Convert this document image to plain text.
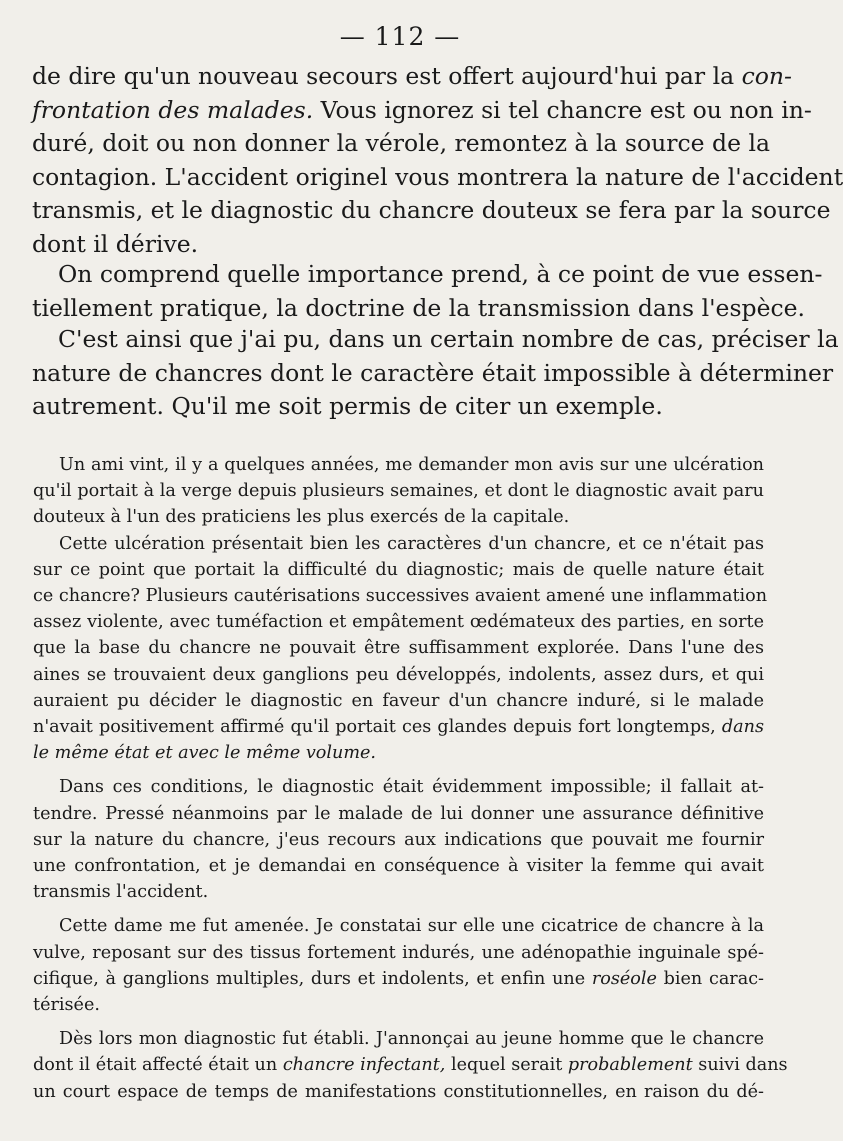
— 112 —
de dire qu'un nouveau secours est offert aujourd'hui par la con-
frontation des malades. Vous ignorez si tel chancre est ou non in-
duré, doit ou non donner la vérole, remontez à la source de la
contagion. L'accident originel vous montrera la nature de l'accident
transmis, et le diagnostic du chancre douteux se fera par la source
dont il dérive.
On comprend quelle importance prend, à ce point de vue essen-
tiellement pratique, la doctrine de la transmission dans l'espèce.
C'est ainsi que j'ai pu, dans un certain nombre de cas, préciser la
nature de chancres dont le caractère était impossible à déterminer
autrement. Qu'il me soit permis de citer un exemple.
Un ami vint, il y a quelques années, me demander mon avis sur une ulcération
qu'il portait à la verge depuis plusieurs semaines, et dont le diagnostic avait paru
douteux à l'un des praticiens les plus exercés de la capitale.
Cette ulcération présentait bien les caractères d'un chancre, et ce n'était pas
sur ce point que portait la difficulté du diagnostic; mais de quelle nature était
ce chancre? Plusieurs cautérisations successives avaient amené une inflammation
assez violente, avec tuméfaction et empâtement œdémateux des parties, en sorte
que la base du chancre ne pouvait être suffisamment explorée. Dans l'une des
aines se trouvaient deux ganglions peu développés, indolents, assez durs, et qui
auraient pu décider le diagnostic en faveur d'un chancre induré, si le malade
n'avait positivement affirmé qu'il portait ces glandes depuis fort longtemps, dans
le même état et avec le même volume.
Dans ces conditions, le diagnostic était évidemment impossible; il fallait at-
tendre. Pressé néanmoins par le malade de lui donner une assurance définitive
sur la nature du chancre, j'eus recours aux indications que pouvait me fournir
une confrontation, et je demandai en conséquence à visiter la femme qui avait
transmis l'accident.
Cette dame me fut amenée. Je constatai sur elle une cicatrice de chancre à la
vulve, reposant sur des tissus fortement indurés, une adénopathie inguinale spé-
cifique, à ganglions multiples, durs et indolents, et enfin une roséole bien carac-
térisée.
Dès lors mon diagnostic fut établi. J'annonçai au jeune homme que le chancre
dont il était affecté était un chancre infectant, lequel serait probablement suivi dans
un court espace de temps de manifestations constitutionnelles, en raison du dé-
